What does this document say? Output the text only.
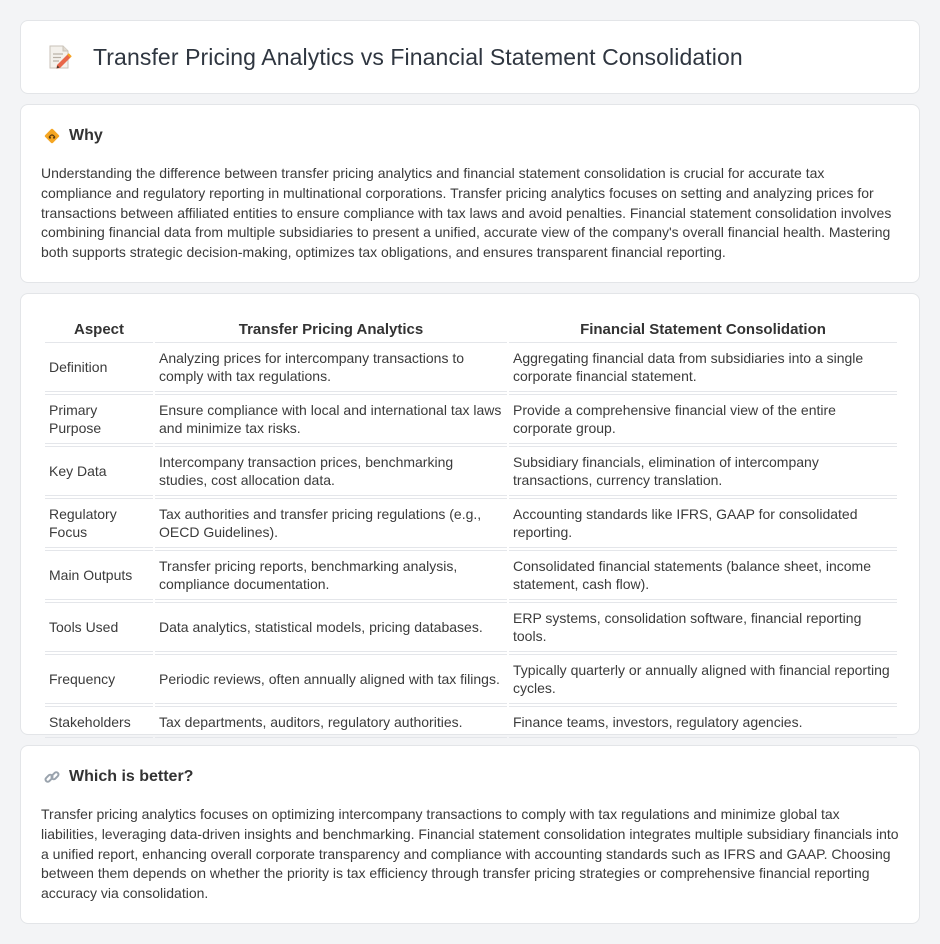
Transfer Pricing Analytics vs Financial Statement Consolidation
Why

Understanding the difference between transfer pricing analytics and financial statement consolidation is crucial for accurate tax compliance and regulatory reporting in multinational corporations. Transfer pricing analytics focuses on setting and analyzing prices for transactions between affiliated entities to ensure compliance with tax laws and avoid penalties. Financial statement consolidation involves combining financial data from multiple subsidiaries to present a unified, accurate view of the company's overall financial health. Mastering both supports strategic decision-making, optimizes tax obligations, and ensures transparent financial reporting.

Aspect	Transfer Pricing Analytics	Financial Statement Consolidation
Definition	Analyzing prices for intercompany transactions to comply with tax regulations.	Aggregating financial data from subsidiaries into a single corporate financial statement.
Primary Purpose	Ensure compliance with local and international tax laws and minimize tax risks.	Provide a comprehensive financial view of the entire corporate group.
Key Data	Intercompany transaction prices, benchmarking studies, cost allocation data.	Subsidiary financials, elimination of intercompany transactions, currency translation.
Regulatory Focus	Tax authorities and transfer pricing regulations (e.g., OECD Guidelines).	Accounting standards like IFRS, GAAP for consolidated reporting.
Main Outputs	Transfer pricing reports, benchmarking analysis, compliance documentation.	Consolidated financial statements (balance sheet, income statement, cash flow).
Tools Used	Data analytics, statistical models, pricing databases.	ERP systems, consolidation software, financial reporting tools.
Frequency	Periodic reviews, often annually aligned with tax filings.	Typically quarterly or annually aligned with financial reporting cycles.
Stakeholders	Tax departments, auditors, regulatory authorities.	Finance teams, investors, regulatory agencies.
Which is better?

Transfer pricing analytics focuses on optimizing intercompany transactions to comply with tax regulations and minimize global tax liabilities, leveraging data-driven insights and benchmarking. Financial statement consolidation integrates multiple subsidiary financials into a unified report, enhancing overall corporate transparency and compliance with accounting standards such as IFRS and GAAP. Choosing between them depends on whether the priority is tax efficiency through transfer pricing strategies or comprehensive financial reporting accuracy via consolidation.
